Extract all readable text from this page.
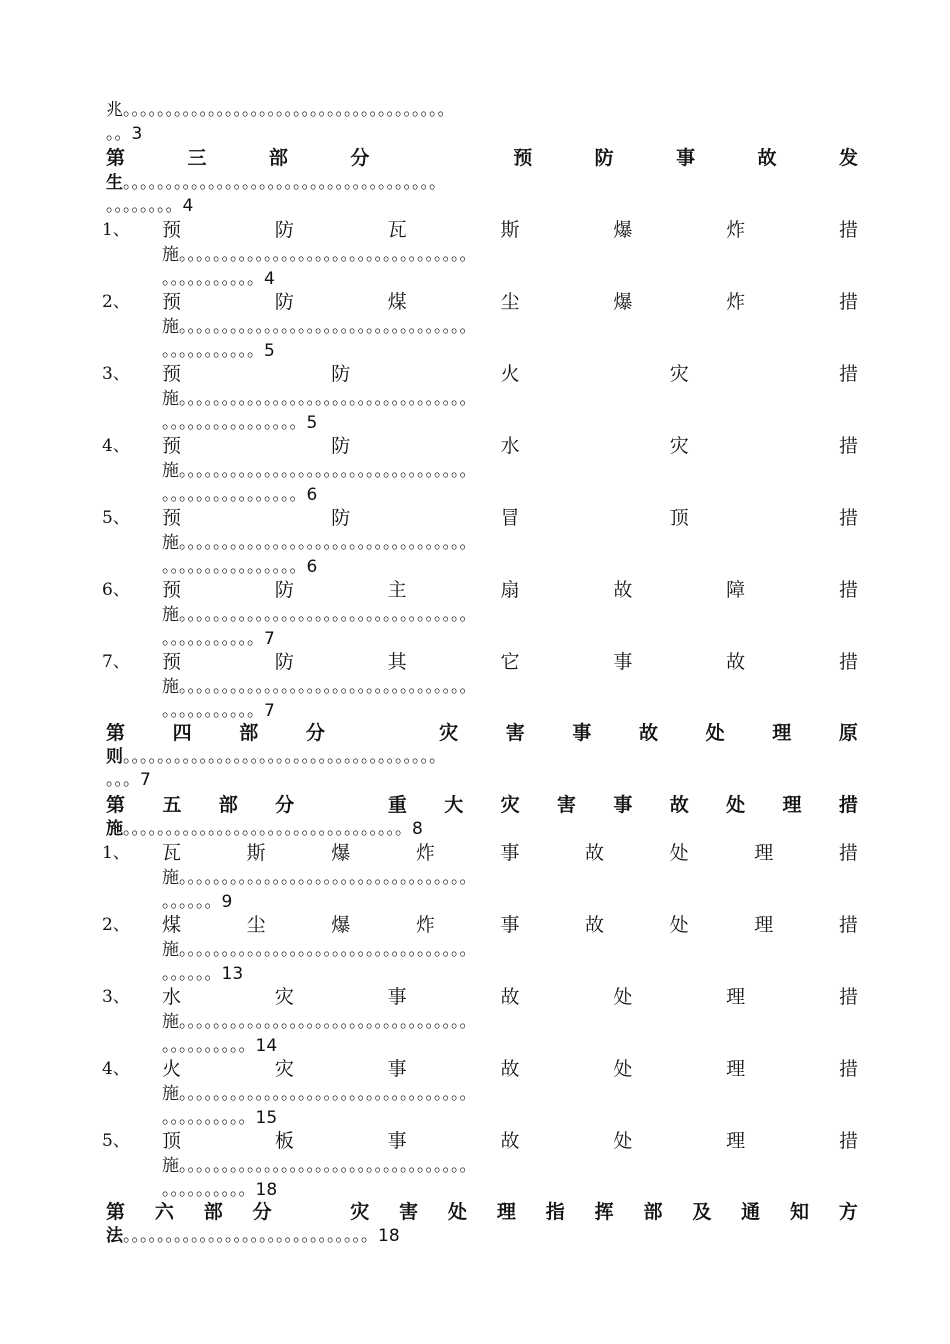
兆。。。。。。。。。。。。。。。。。。。。。。。。。。。。。。。。。。。。。。
。。3
第	三	部	分
　	预	防	事	故	发
生。。。。。。。。。。。。。。。。。。。。。。。。。。。。。。。。。。。。。
。。。。。。。。4
1、	预	防	瓦	斯	爆	炸	措
施。。。。。。。。。。。。。。。。。。。。。。。。。。。。。。。。。。
。。。。。。。。。。。4
2、	预	防	煤	尘	爆	炸	措
施。。。。。。。。。。。。。。。。。。。。。。。。。。。。。。。。。。
。。。。。。。。。。。5
3、	预	防	火	灾	措
施。。。。。。。。。。。。。。。。。。。。。。。。。。。。。。。。。。
。。。。。。。。。。。。。。。。5
4、	预	防	水	灾	措
施。。。。。。。。。。。。。。。。。。。。。。。。。。。。。。。。。。
。。。。。。。。。。。。。。。。6
5、	预	防	冒	顶	措
施。。。。。。。。。。。。。。。。。。。。。。。。。。。。。。。。。。
。。。。。。。。。。。。。。。。6
6、	预	防	主	扇	故	障	措
施。。。。。。。。。。。。。。。。。。。。。。。。。。。。。。。。。。
。。。。。。。。。。。7
7、	预	防	其	它	事	故	措
施。。。。。。。。。。。。。。。。。。。。。。。。。。。。。。。。。。
。。。。。。。。。。。7
第	四	部	分
　	灾	害	事	故	处	理	原
则。。。。。。。。。。。。。。。。。。。。。。。。。。。。。。。。。。。。。
。。。7
第 五 部 分
　	重 大 灾 害 事 故 处 理 措
施。。。。。。。。。。。。。。。。。。。。。。。。。。。。。。。。。8
1、	瓦	斯	爆	炸	事	故	处	理	措
施。。。。。。。。。。。。。。。。。。。。。。。。。。。。。。。。。。
。。。。。。9
2、	煤	尘	爆	炸	事	故	处	理	措
施。。。。。。。。。。。。。。。。。。。。。。。。。。。。。。。。。。
。。。。。。13
3、	水	灾	事	故	处	理	措
施。。。。。。。。。。。。。。。。。。。。。。。。。。。。。。。。。。
。。。。。。。。。。14
4、	火	灾	事	故	处	理	措
施。。。。。。。。。。。。。。。。。。。。。。。。。。。。。。。。。。
。。。。。。。。。。15
5、	顶	板	事	故	处	理	措
施。。。。。。。。。。。。。。。。。。。。。。。。。。。。。。。。。。
。。。。。。。。。。18
第 六 部 分
　	灾 害 处 理 指 挥 部 及 通 知 方
法。。。。。。。。。。。。。。。。。。。。。。。。。。。。。18
